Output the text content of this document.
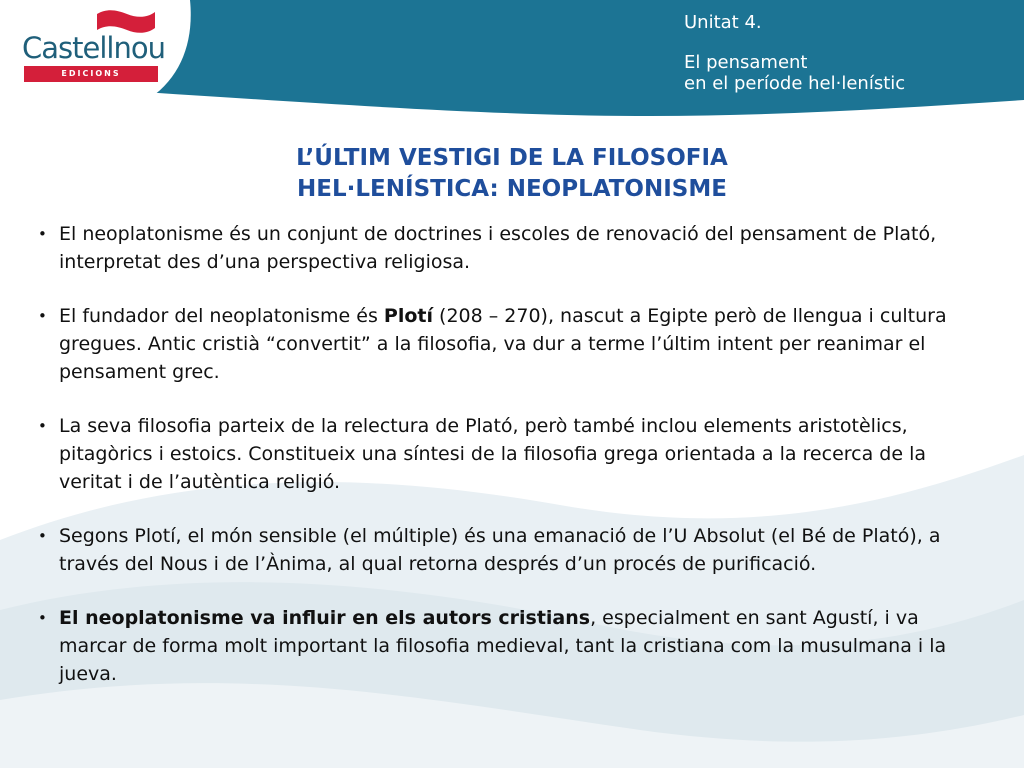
Castellnou
EDICIONS
Unitat 4.
El pensament
en el període hel·lenístic
L’ÚLTIM VESTIGI DE LA FILOSOFIA
HEL·LENÍSTICA: NEOPLATONISME
• El neoplatonisme és un conjunt de doctrines i escoles de renovació del pensament de Plató, interpretat des d’una perspectiva religiosa.
• El fundador del neoplatonisme és Plotí (208 – 270), nascut a Egipte però de llengua i cultura gregues. Antic cristià “convertit” a la filosofia, va dur a terme l’últim intent per reanimar el pensament grec.
• La seva filosofia parteix de la relectura de Plató, però també inclou elements aristotèlics, pitagòrics i estoics. Constitueix una síntesi de la filosofia grega orientada a la recerca de la veritat i de l’autèntica religió.
• Segons Plotí, el món sensible (el múltiple) és una emanació de l’U Absolut (el Bé de Plató), a través del Nous i de l’Ànima, al qual retorna després d’un procés de purificació.
• El neoplatonisme va influir en els autors cristians, especialment en sant Agustí, i va marcar de forma molt important la filosofia medieval, tant la cristiana com la musulmana i la jueva.
